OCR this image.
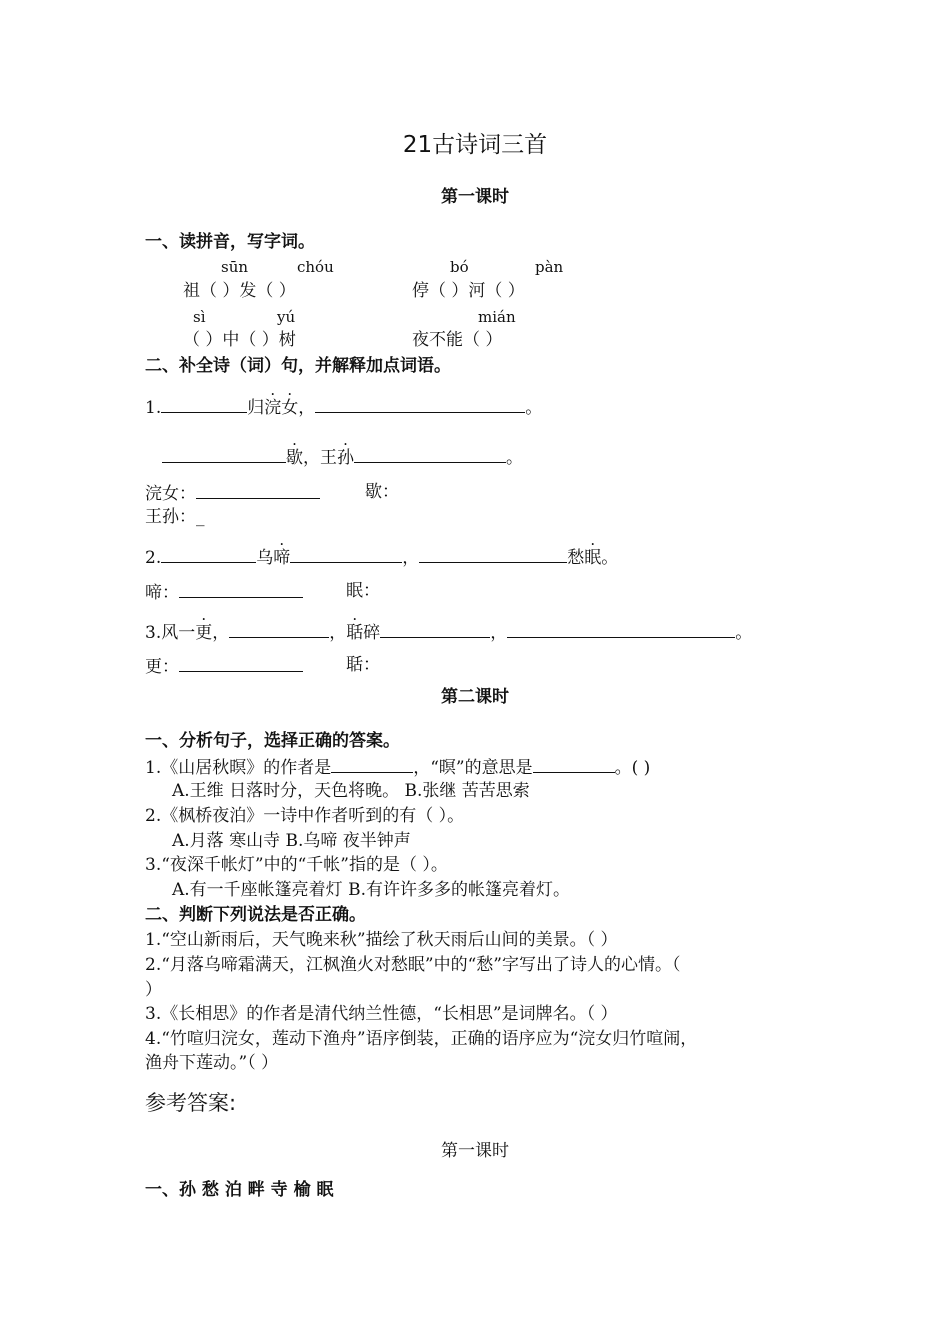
21古诗词三首
第一课时
一、读拼音，写字词。
sūn	chóu	bó	pàn
祖（ ）发（ ）	停（ ）河（ ）
sì	yú	mián
（ ）中（ ）树	夜不能（ ）
二、补全诗（词）句，并解释加点词语。
1.	归浣女，	。
歇，王孙	。
浣女：	歇：
王孙：_
2.	乌啼	，	愁眠。
啼：	眠：
3.风一更，	，聒碎	，	。
更：	聒：
第二课时
一、分析句子，选择正确的答案。
1.《山居秋暝》的作者是	，“暝”的意思是	。( )
A.王维 日落时分，天色将晚。 B.张继 苦苦思索
2.《枫桥夜泊》一诗中作者听到的有（ ）。
A.月落 寒山寺 B.乌啼 夜半钟声
3.“夜深千帐灯”中的“千帐”指的是（ ）。
A.有一千座帐篷亮着灯 B.有许许多多的帐篷亮着灯。
二、判断下列说法是否正确。
1.“空山新雨后，天气晚来秋”描绘了秋天雨后山间的美景。（ ）
2.“月落乌啼霜满天，江枫渔火对愁眠”中的“愁”字写出了诗人的心情。（
）
3.《长相思》的作者是清代纳兰性德，“长相思”是词牌名。（ ）
4.“竹喧归浣女，莲动下渔舟”语序倒装，正确的语序应为“浣女归竹喧闹，
渔舟下莲动。”（ ）
参考答案:
第一课时
一、孙 愁 泊 畔 寺 榆 眠
